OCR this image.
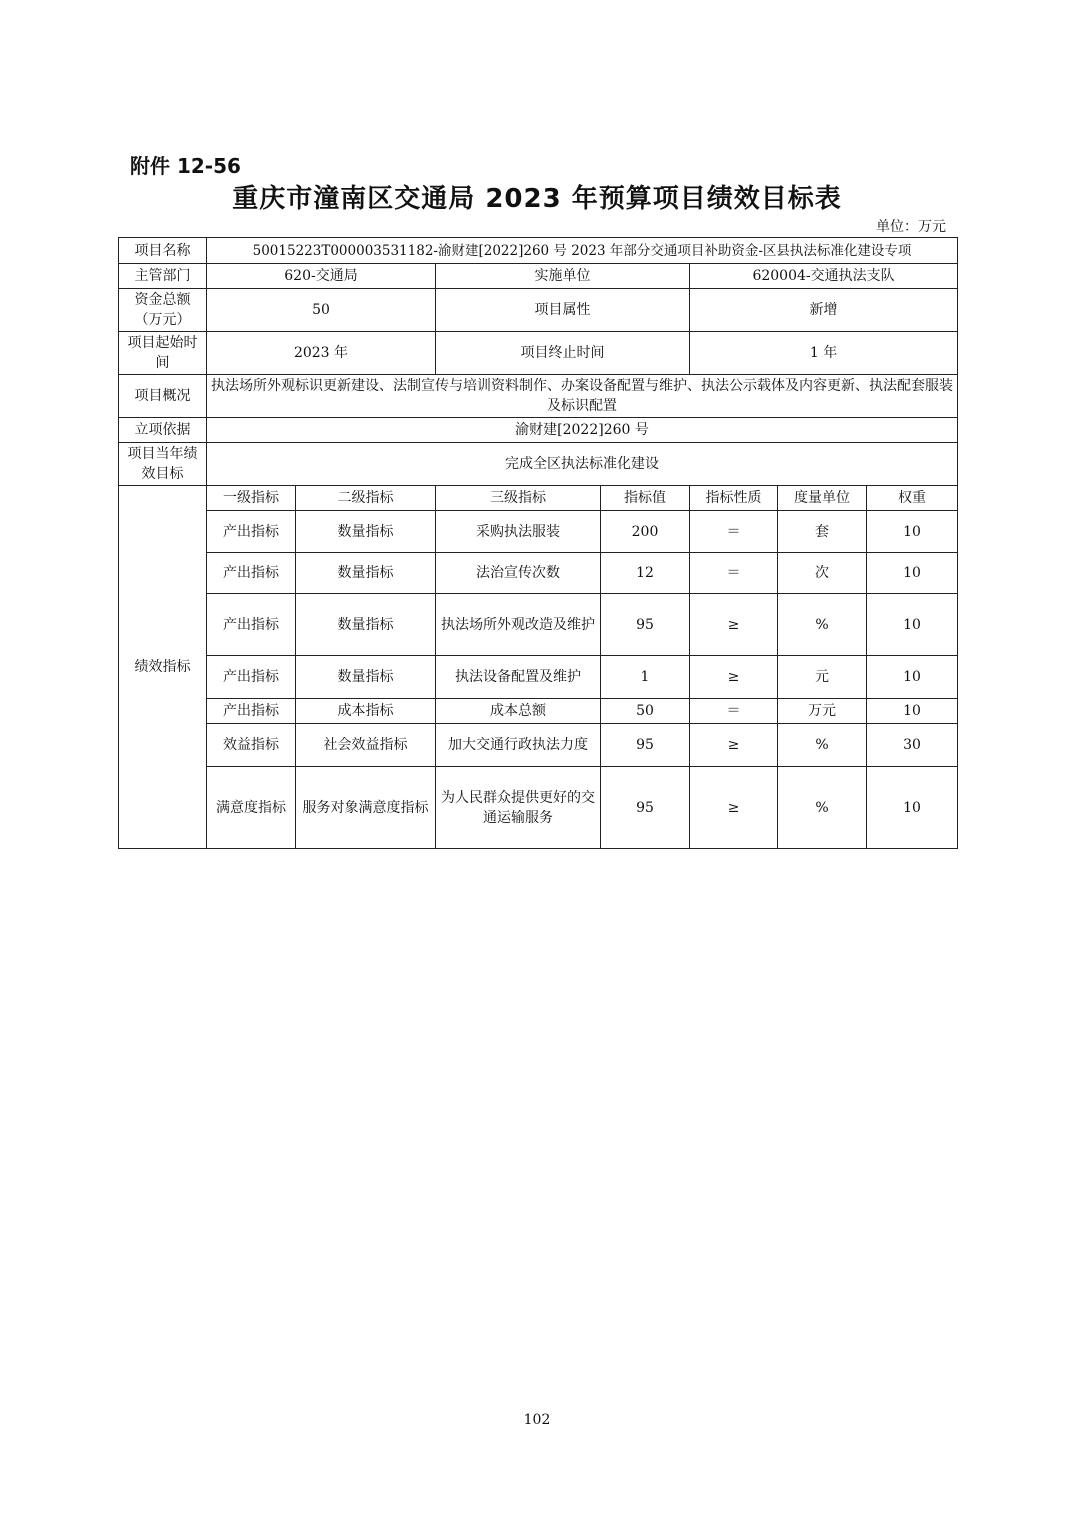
附件 12-56
重庆市潼南区交通局 2023 年预算项目绩效目标表
单位：万元
项目名称	50015223T000003531182-渝财建[2022]260 号 2023 年部分交通项目补助资金-区县执法标准化建设专项						
主管部门	620-交通局		实施单位		620004-交通执法支队		
资金总额（万元）	50		项目属性		新增		
项目起始时间	2023 年		项目终止时间		1 年		
项目概况	执法场所外观标识更新建设、法制宣传与培训资料制作、办案设备配置与维护、执法公示载体及内容更新、执法配套服装及标识配置						
立项依据	渝财建[2022]260 号						
项目当年绩效目标	完成全区执法标准化建设						
绩效指标	一级指标	二级指标	三级指标	指标值	指标性质	度量单位	权重
	产出指标	数量指标	采购执法服装	200	＝	套	10
	产出指标	数量指标	法治宣传次数	12	＝	次	10
	产出指标	数量指标	执法场所外观改造及维护	95	≥	%	10
	产出指标	数量指标	执法设备配置及维护	1	≥	元	10
	产出指标	成本指标	成本总额	50	＝	万元	10
	效益指标	社会效益指标	加大交通行政执法力度	95	≥	%	30
	满意度指标	服务对象满意度指标	为人民群众提供更好的交通运输服务	95	≥	%	10
102
